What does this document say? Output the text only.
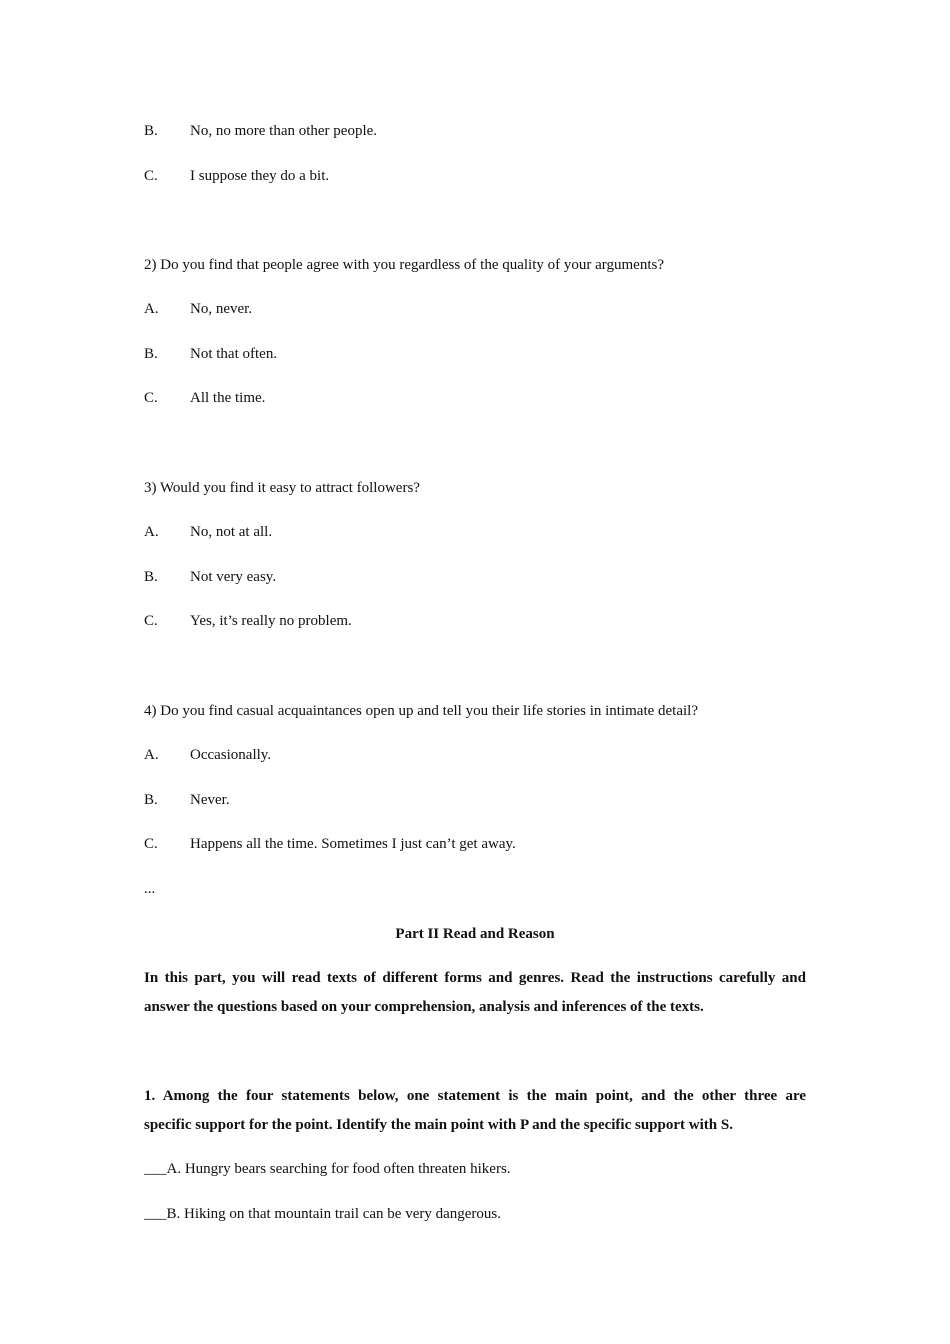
B. No, no more than other people.
C. I suppose they do a bit.
2) Do you find that people agree with you regardless of the quality of your arguments?
A. No, never.
B. Not that often.
C. All the time.
3) Would you find it easy to attract followers?
A. No, not at all.
B. Not very easy.
C. Yes, it’s really no problem.
4) Do you find casual acquaintances open up and tell you their life stories in intimate detail?
A. Occasionally.
B. Never.
C. Happens all the time. Sometimes I just can’t get away.
...
Part II Read and Reason
In this part, you will read texts of different forms and genres. Read the instructions carefully and
answer the questions based on your comprehension, analysis and inferences of the texts.
1. Among the four statements below, one statement is the main point, and the other three are
specific support for the point. Identify the main point with P and the specific support with S.
___A. Hungry bears searching for food often threaten hikers.
___B. Hiking on that mountain trail can be very dangerous.
